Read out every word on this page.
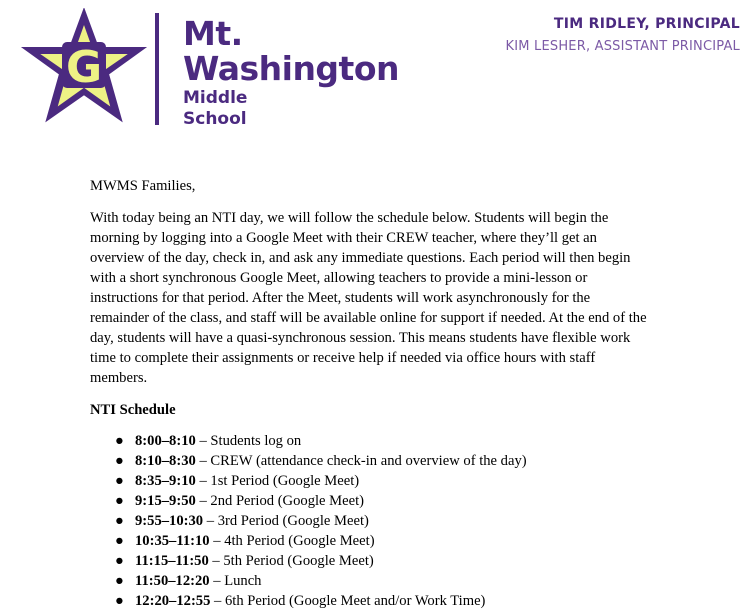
G
Mt.
Washington
Middle
School
TIM RIDLEY, PRINCIPAL
KIM LESHER, ASSISTANT PRINCIPAL

MWMS Families,

With today being an NTI day, we will follow the schedule below. Students will begin the morning by logging into a Google Meet with their CREW teacher, where they’ll get an overview of the day, check in, and ask any immediate questions. Each period will then begin with a short synchronous Google Meet, allowing teachers to provide a mini-lesson or instructions for that period. After the Meet, students will work asynchronously for the remainder of the class, and staff will be available online for support if needed. At the end of the day, students will have a quasi-synchronous session. This means students have flexible work time to complete their assignments or receive help if needed via office hours with staff members.

NTI Schedule

● 8:00–8:10 – Students log on
● 8:10–8:30 – CREW (attendance check-in and overview of the day)
● 8:35–9:10 – 1st Period (Google Meet)
● 9:15–9:50 – 2nd Period (Google Meet)
● 9:55–10:30 – 3rd Period (Google Meet)
● 10:35–11:10 – 4th Period (Google Meet)
● 11:15–11:50 – 5th Period (Google Meet)
● 11:50–12:20 – Lunch
● 12:20–12:55 – 6th Period (Google Meet and/or Work Time)
